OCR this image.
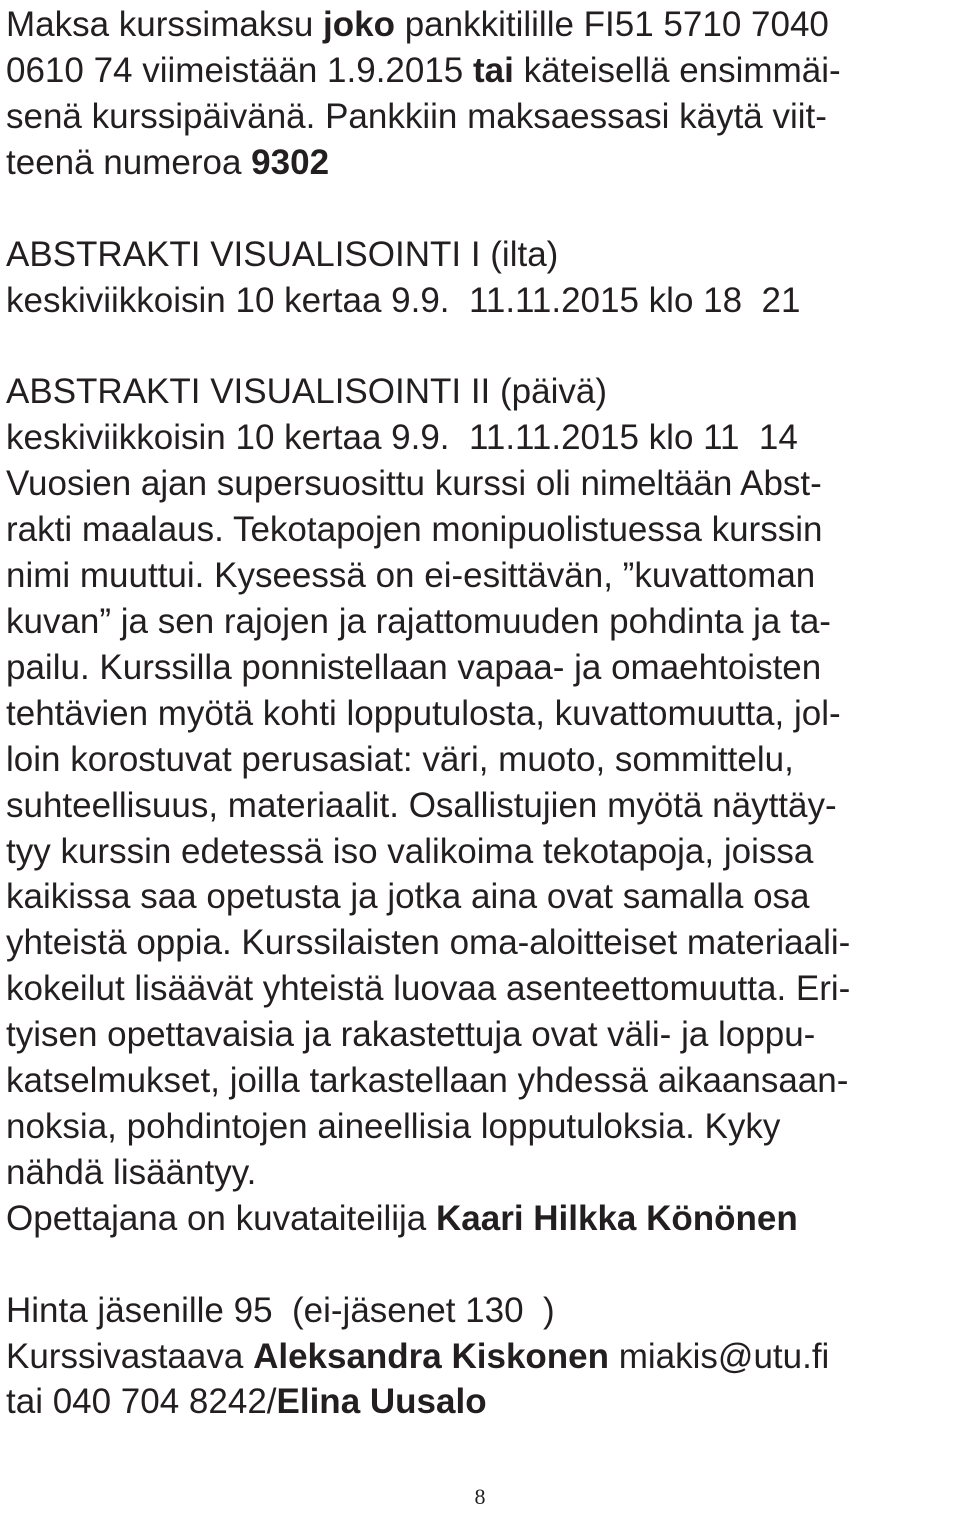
Maksa kurssimaksu joko pankkitilille FI51 5710 7040
0610 74 viimeistään 1.9.2015 tai käteisellä ensimmäi-
senä kurssipäivänä. Pankkiin maksaessasi käytä viit-
teenä numeroa 9302
ABSTRAKTI VISUALISOINTI I (ilta)
keskiviikkoisin 10 kertaa 9.9.  11.11.2015 klo 18  21
ABSTRAKTI VISUALISOINTI II (päivä)
keskiviikkoisin 10 kertaa 9.9.  11.11.2015 klo 11  14
Vuosien ajan supersuosittu kurssi oli nimeltään Abst-
rakti maalaus. Tekotapojen monipuolistuessa kurssin
nimi muuttui. Kyseessä on ei-esittävän, ”kuvattoman
kuvan” ja sen rajojen ja rajattomuuden pohdinta ja ta-
pailu. Kurssilla ponnistellaan vapaa- ja omaehtoisten
tehtävien myötä kohti lopputulosta, kuvattomuutta, jol-
loin korostuvat perusasiat: väri, muoto, sommittelu,
suhteellisuus, materiaalit. Osallistujien myötä näyttäy-
tyy kurssin edetessä iso valikoima tekotapoja, joissa
kaikissa saa opetusta ja jotka aina ovat samalla osa
yhteistä oppia. Kurssilaisten oma-aloitteiset materiaali-
kokeilut lisäävät yhteistä luovaa asenteettomuutta. Eri-
tyisen opettavaisia ja rakastettuja ovat väli- ja loppu-
katselmukset, joilla tarkastellaan yhdessä aikaansaan-
noksia, pohdintojen aineellisia lopputuloksia. Kyky
nähdä lisääntyy.
Opettajana on kuvataiteilija Kaari Hilkka Könönen
Hinta jäsenille 95  (ei-jäsenet 130  )
Kurssivastaava Aleksandra Kiskonen miakis@utu.fi
tai 040 704 8242/Elina Uusalo
8
